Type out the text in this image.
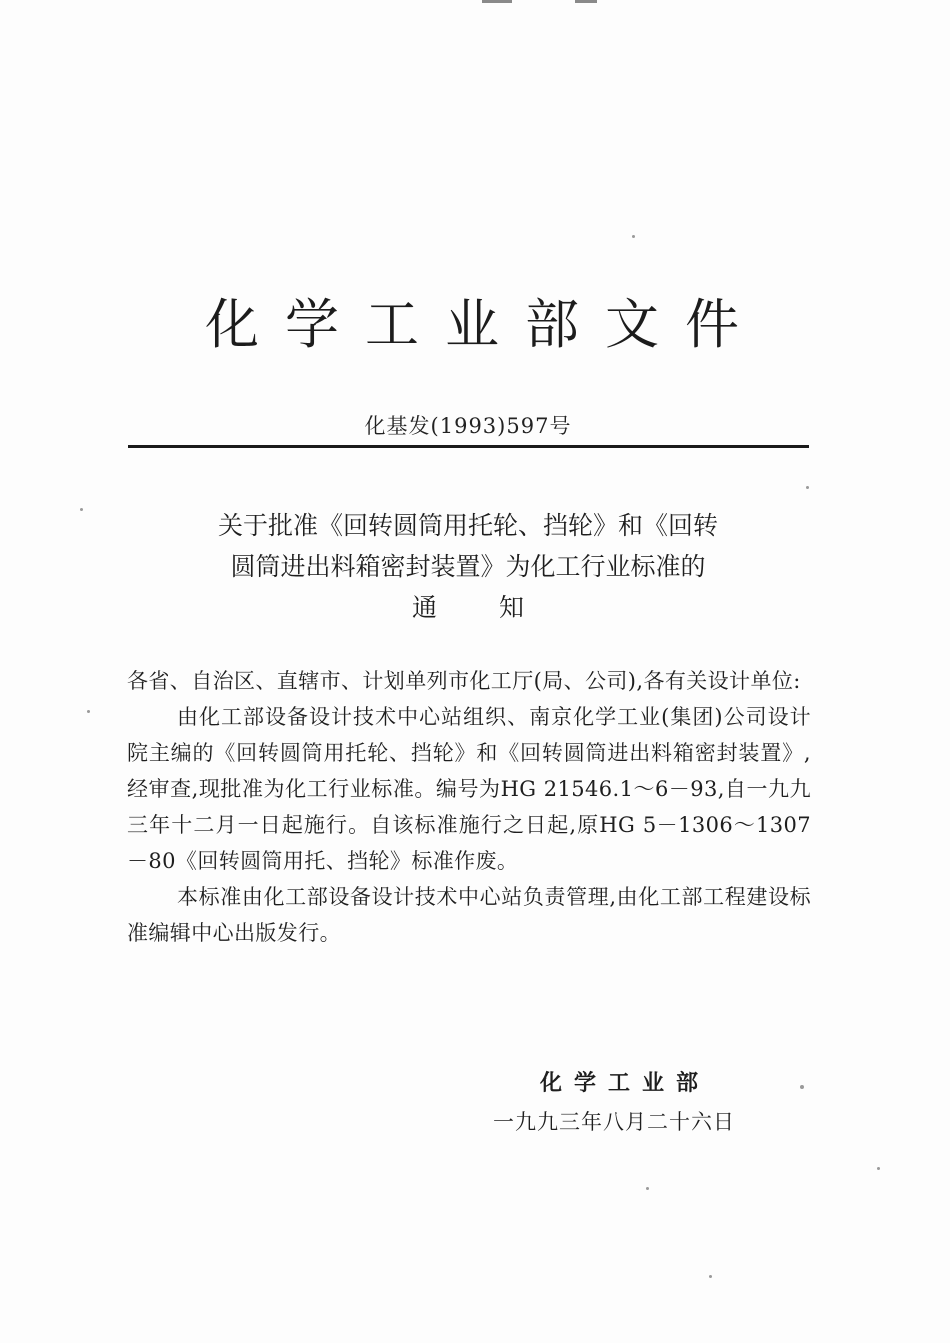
化学工业部文件
化基发(1993)597号
关于批准《回转圆筒用托轮、挡轮》和《回转
圆筒进出料箱密封装置》为化工行业标准的
通知

各省、自治区、直辖市、计划单列市化工厅(局、公司),各有关设计单位:

由化工部设备设计技术中心站组织、南京化学工业(集团)公司设计院主编的《回转圆筒用托轮、挡轮》和《回转圆筒进出料箱密封装置》,经审查,现批准为化工行业标准。编号为HG 21546.1～6－93,自一九九三年十二月一日起施行。自该标准施行之日起,原HG 5－1306～1307－80《回转圆筒用托、挡轮》标准作废。

本标准由化工部设备设计技术中心站负责管理,由化工部工程建设标准编辑中心出版发行。

化学工业部
一九九三年八月二十六日
